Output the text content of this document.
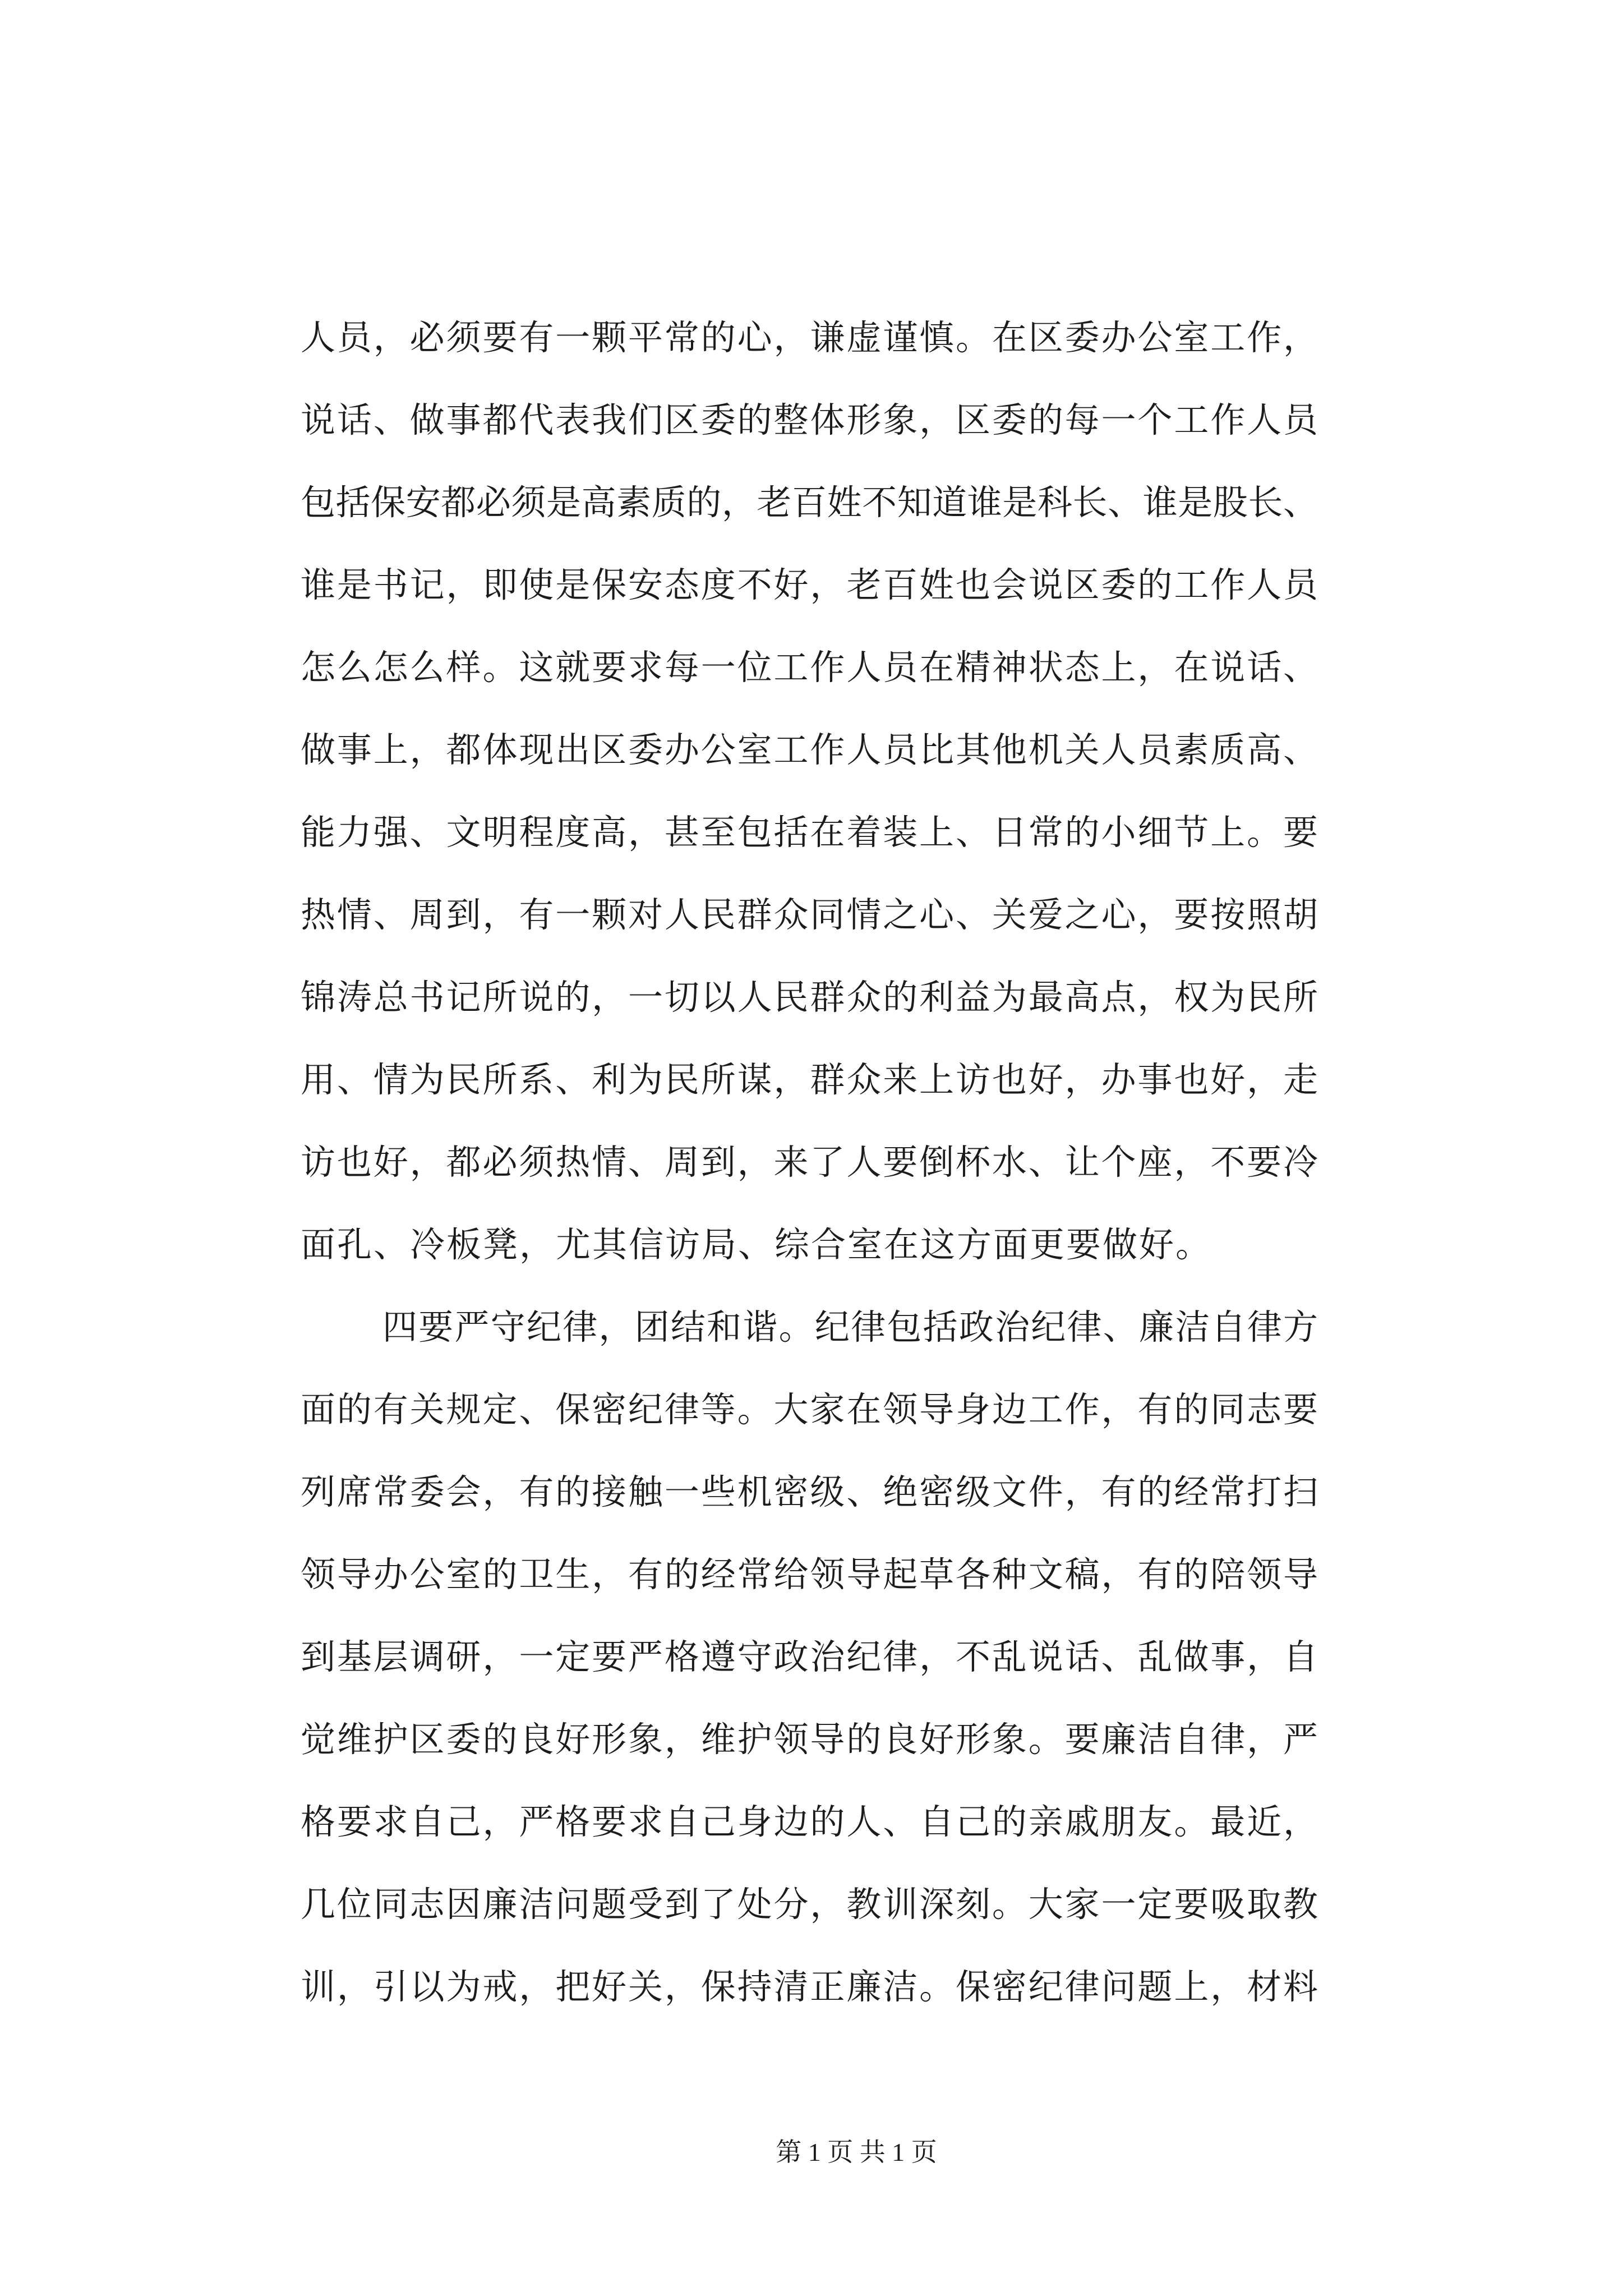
人员，必须要有一颗平常的心，谦虚谨慎。在区委办公室工作，
说话、做事都代表我们区委的整体形象，区委的每一个工作人员
包括保安都必须是高素质的，老百姓不知道谁是科长、谁是股长、
谁是书记，即使是保安态度不好，老百姓也会说区委的工作人员
怎么怎么样。这就要求每一位工作人员在精神状态上，在说话、
做事上，都体现出区委办公室工作人员比其他机关人员素质高、
能力强、文明程度高，甚至包括在着装上、日常的小细节上。要
热情、周到，有一颗对人民群众同情之心、关爱之心，要按照胡
锦涛总书记所说的，一切以人民群众的利益为最高点，权为民所
用、情为民所系、利为民所谋，群众来上访也好，办事也好，走
访也好，都必须热情、周到，来了人要倒杯水、让个座，不要冷
面孔、冷板凳，尤其信访局、综合室在这方面更要做好。
四要严守纪律，团结和谐。纪律包括政治纪律、廉洁自律方
面的有关规定、保密纪律等。大家在领导身边工作，有的同志要
列席常委会，有的接触一些机密级、绝密级文件，有的经常打扫
领导办公室的卫生，有的经常给领导起草各种文稿，有的陪领导
到基层调研，一定要严格遵守政治纪律，不乱说话、乱做事，自
觉维护区委的良好形象，维护领导的良好形象。要廉洁自律，严
格要求自己，严格要求自己身边的人、自己的亲戚朋友。最近，
几位同志因廉洁问题受到了处分，教训深刻。大家一定要吸取教
训，引以为戒，把好关，保持清正廉洁。保密纪律问题上，材料
第 1 页 共 1 页
